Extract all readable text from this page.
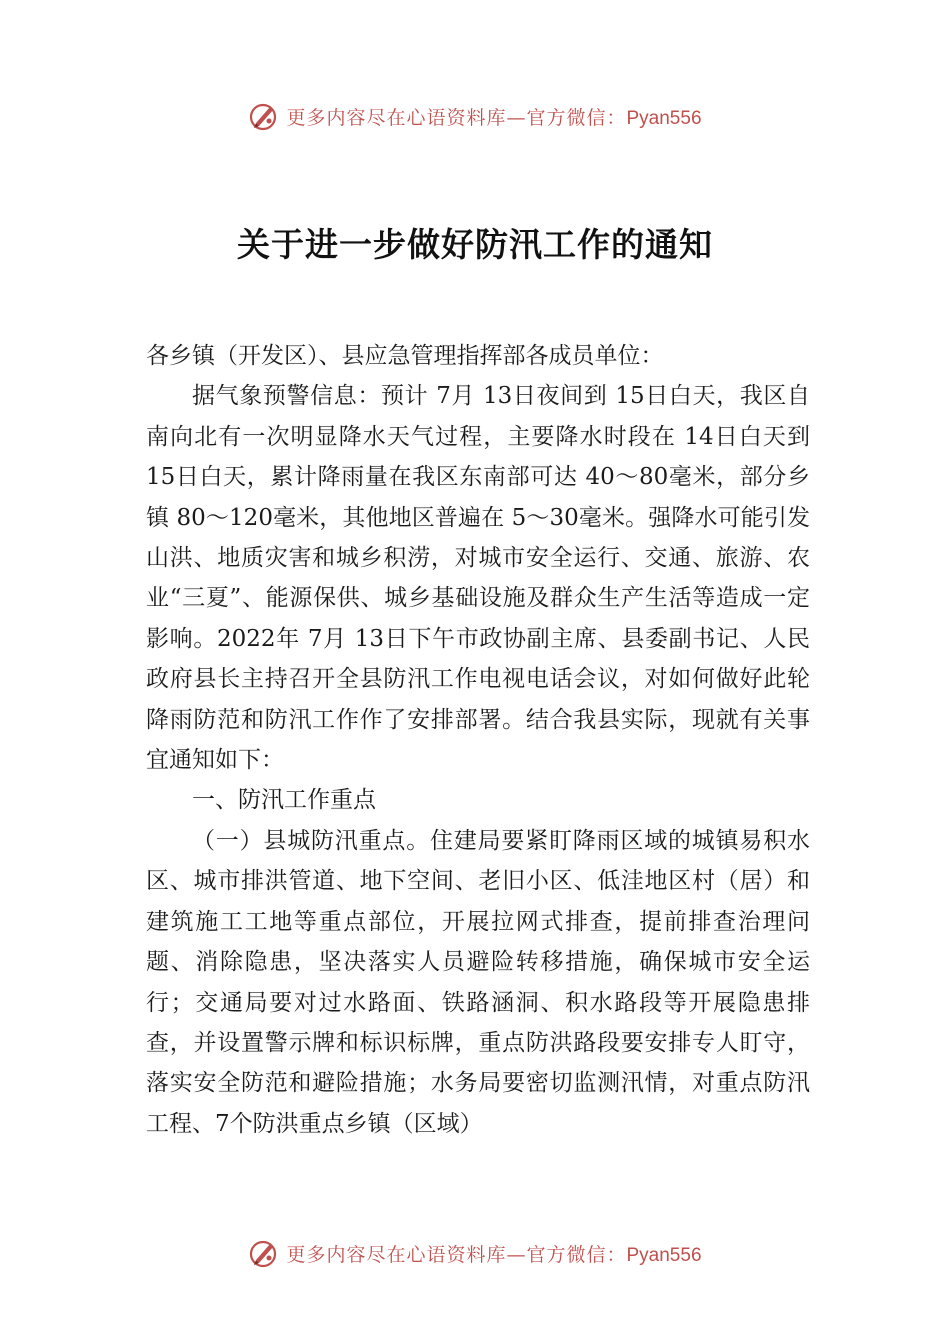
更多内容尽在心语资料库—官方微信：Pyan556
关于进一步做好防汛工作的通知

各乡镇（开发区）、县应急管理指挥部各成员单位：

据气象预警信息：预计 7月 13日夜间到 15日白天，我区自南向北有一次明显降水天气过程，主要降水时段在 14日白天到 15日白天，累计降雨量在我区东南部可达 40～80毫米，部分乡镇 80～120毫米，其他地区普遍在 5～30毫米。强降水可能引发山洪、地质灾害和城乡积涝，对城市安全运行、交通、旅游、农业“三夏”、能源保供、城乡基础设施及群众生产生活等造成一定影响。2022年 7月 13日下午市政协副主席、县委副书记、人民政府县长主持召开全县防汛工作电视电话会议，对如何做好此轮降雨防范和防汛工作作了安排部署。结合我县实际，现就有关事宜通知如下：

一、防汛工作重点

（一）县城防汛重点。住建局要紧盯降雨区域的城镇易积水区、城市排洪管道、地下空间、老旧小区、低洼地区村（居）和建筑施工工地等重点部位，开展拉网式排查，提前排查治理问题、消除隐患，坚决落实人员避险转移措施，确保城市安全运行；交通局要对过水路面、铁路涵洞、积水路段等开展隐患排查，并设置警示牌和标识标牌，重点防洪路段要安排专人盯守，落实安全防范和避险措施；水务局要密切监测汛情，对重点防汛工程、7个防洪重点乡镇（区域）

更多内容尽在心语资料库—官方微信：Pyan556
